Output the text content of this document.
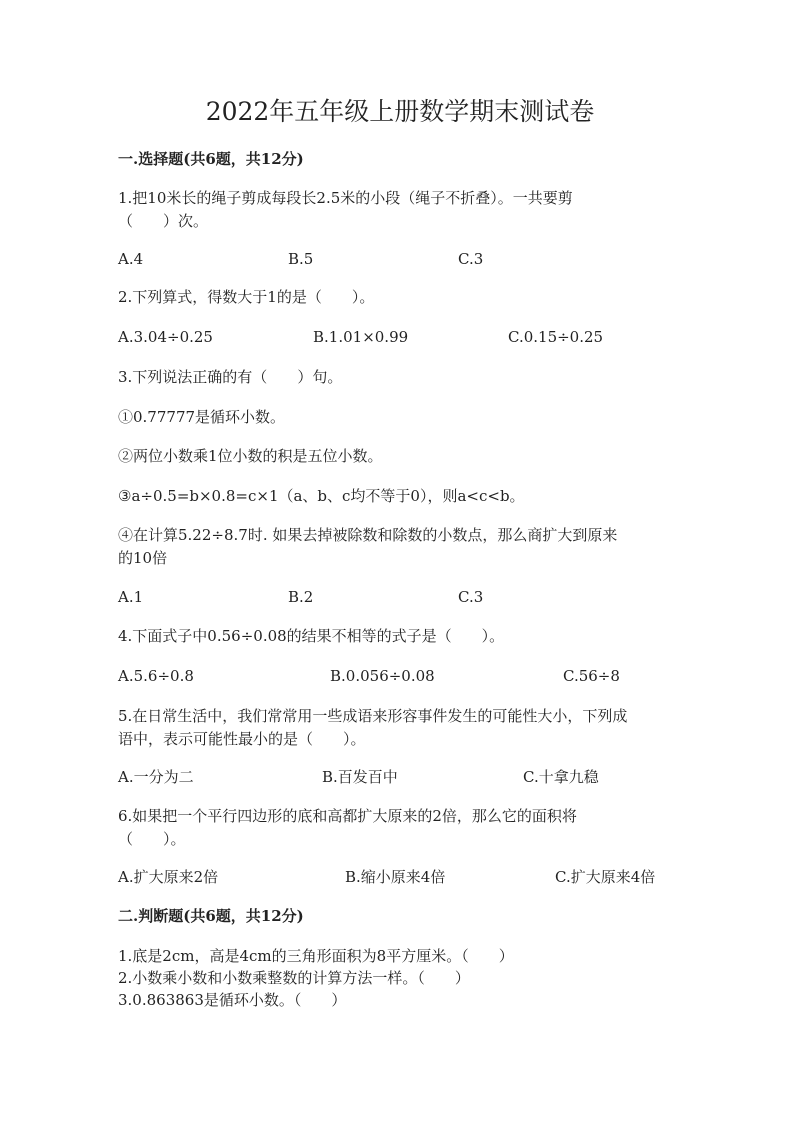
2022年五年级上册数学期末测试卷
一.选择题(共6题，共12分)
1.把10米长的绳子剪成每段长2.5米的小段（绳子不折叠）。一共要剪
（　　）次。
A.4	B.5	C.3
2.下列算式，得数大于1的是（　　）。
A.3.04÷0.25	B.1.01×0.99	C.0.15÷0.25
3.下列说法正确的有（　　）句。
①0.77777是循环小数。
②两位小数乘1位小数的积是五位小数。
③a÷0.5=b×0.8=c×1（a、b、c均不等于0），则a<c<b。
④在计算5.22÷8.7时. 如果去掉被除数和除数的小数点，那么商扩大到原来
的10倍
A.1	B.2	C.3
4.下面式子中0.56÷0.08的结果不相等的式子是（　　）。
A.5.6÷0.8	B.0.056÷0.08	C.56÷8
5.在日常生活中，我们常常用一些成语来形容事件发生的可能性大小，下列成
语中，表示可能性最小的是（　　）。
A.一分为二	B.百发百中	C.十拿九稳
6.如果把一个平行四边形的底和高都扩大原来的2倍，那么它的面积将
（　　）。
A.扩大原来2倍	B.缩小原来4倍	C.扩大原来4倍
二.判断题(共6题，共12分)
1.底是2cm，高是4cm的三角形面积为8平方厘米。（　　）
2.小数乘小数和小数乘整数的计算方法一样。（　　）
3.0.863863是循环小数。（　　）
